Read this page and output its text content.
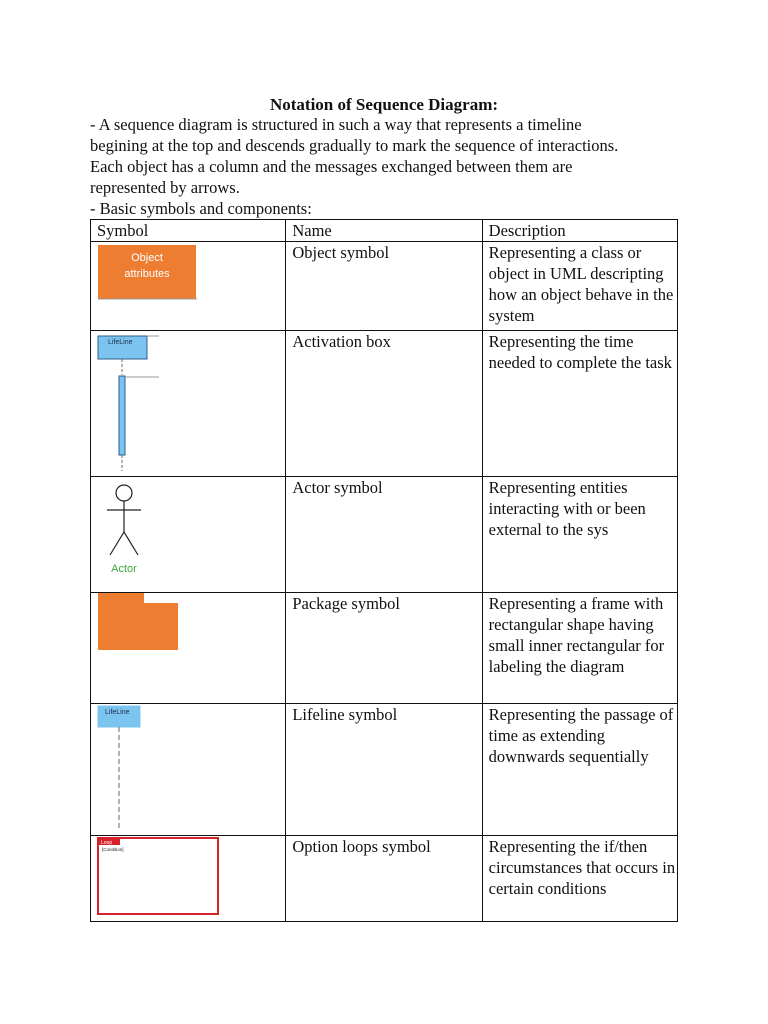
Notation of Sequence Diagram:

- A sequence diagram is structured in such a way that represents a timeline

begining at the top and descends gradually to mark the sequence of interactions.

Each object has a column and the messages exchanged between them are

represented by arrows.

- Basic symbols and components:
Symbol	Name	Description

Object
attributes	Object symbol	Representing a class or object in UML descripting how an object behave in the system

LifeLine	Activation box	Representing the time needed to complete the task

Actor	Actor symbol	Representing entities interacting with or been external to the sys
	Package symbol	Representing a frame with rectangular shape having small inner rectangular for labeling the diagram

LifeLine	Lifeline symbol	Representing the passage of time as extending downwards sequentially

Loop
[Condition]	Option loops symbol	Representing the if/then circumstances that occurs in certain conditions
